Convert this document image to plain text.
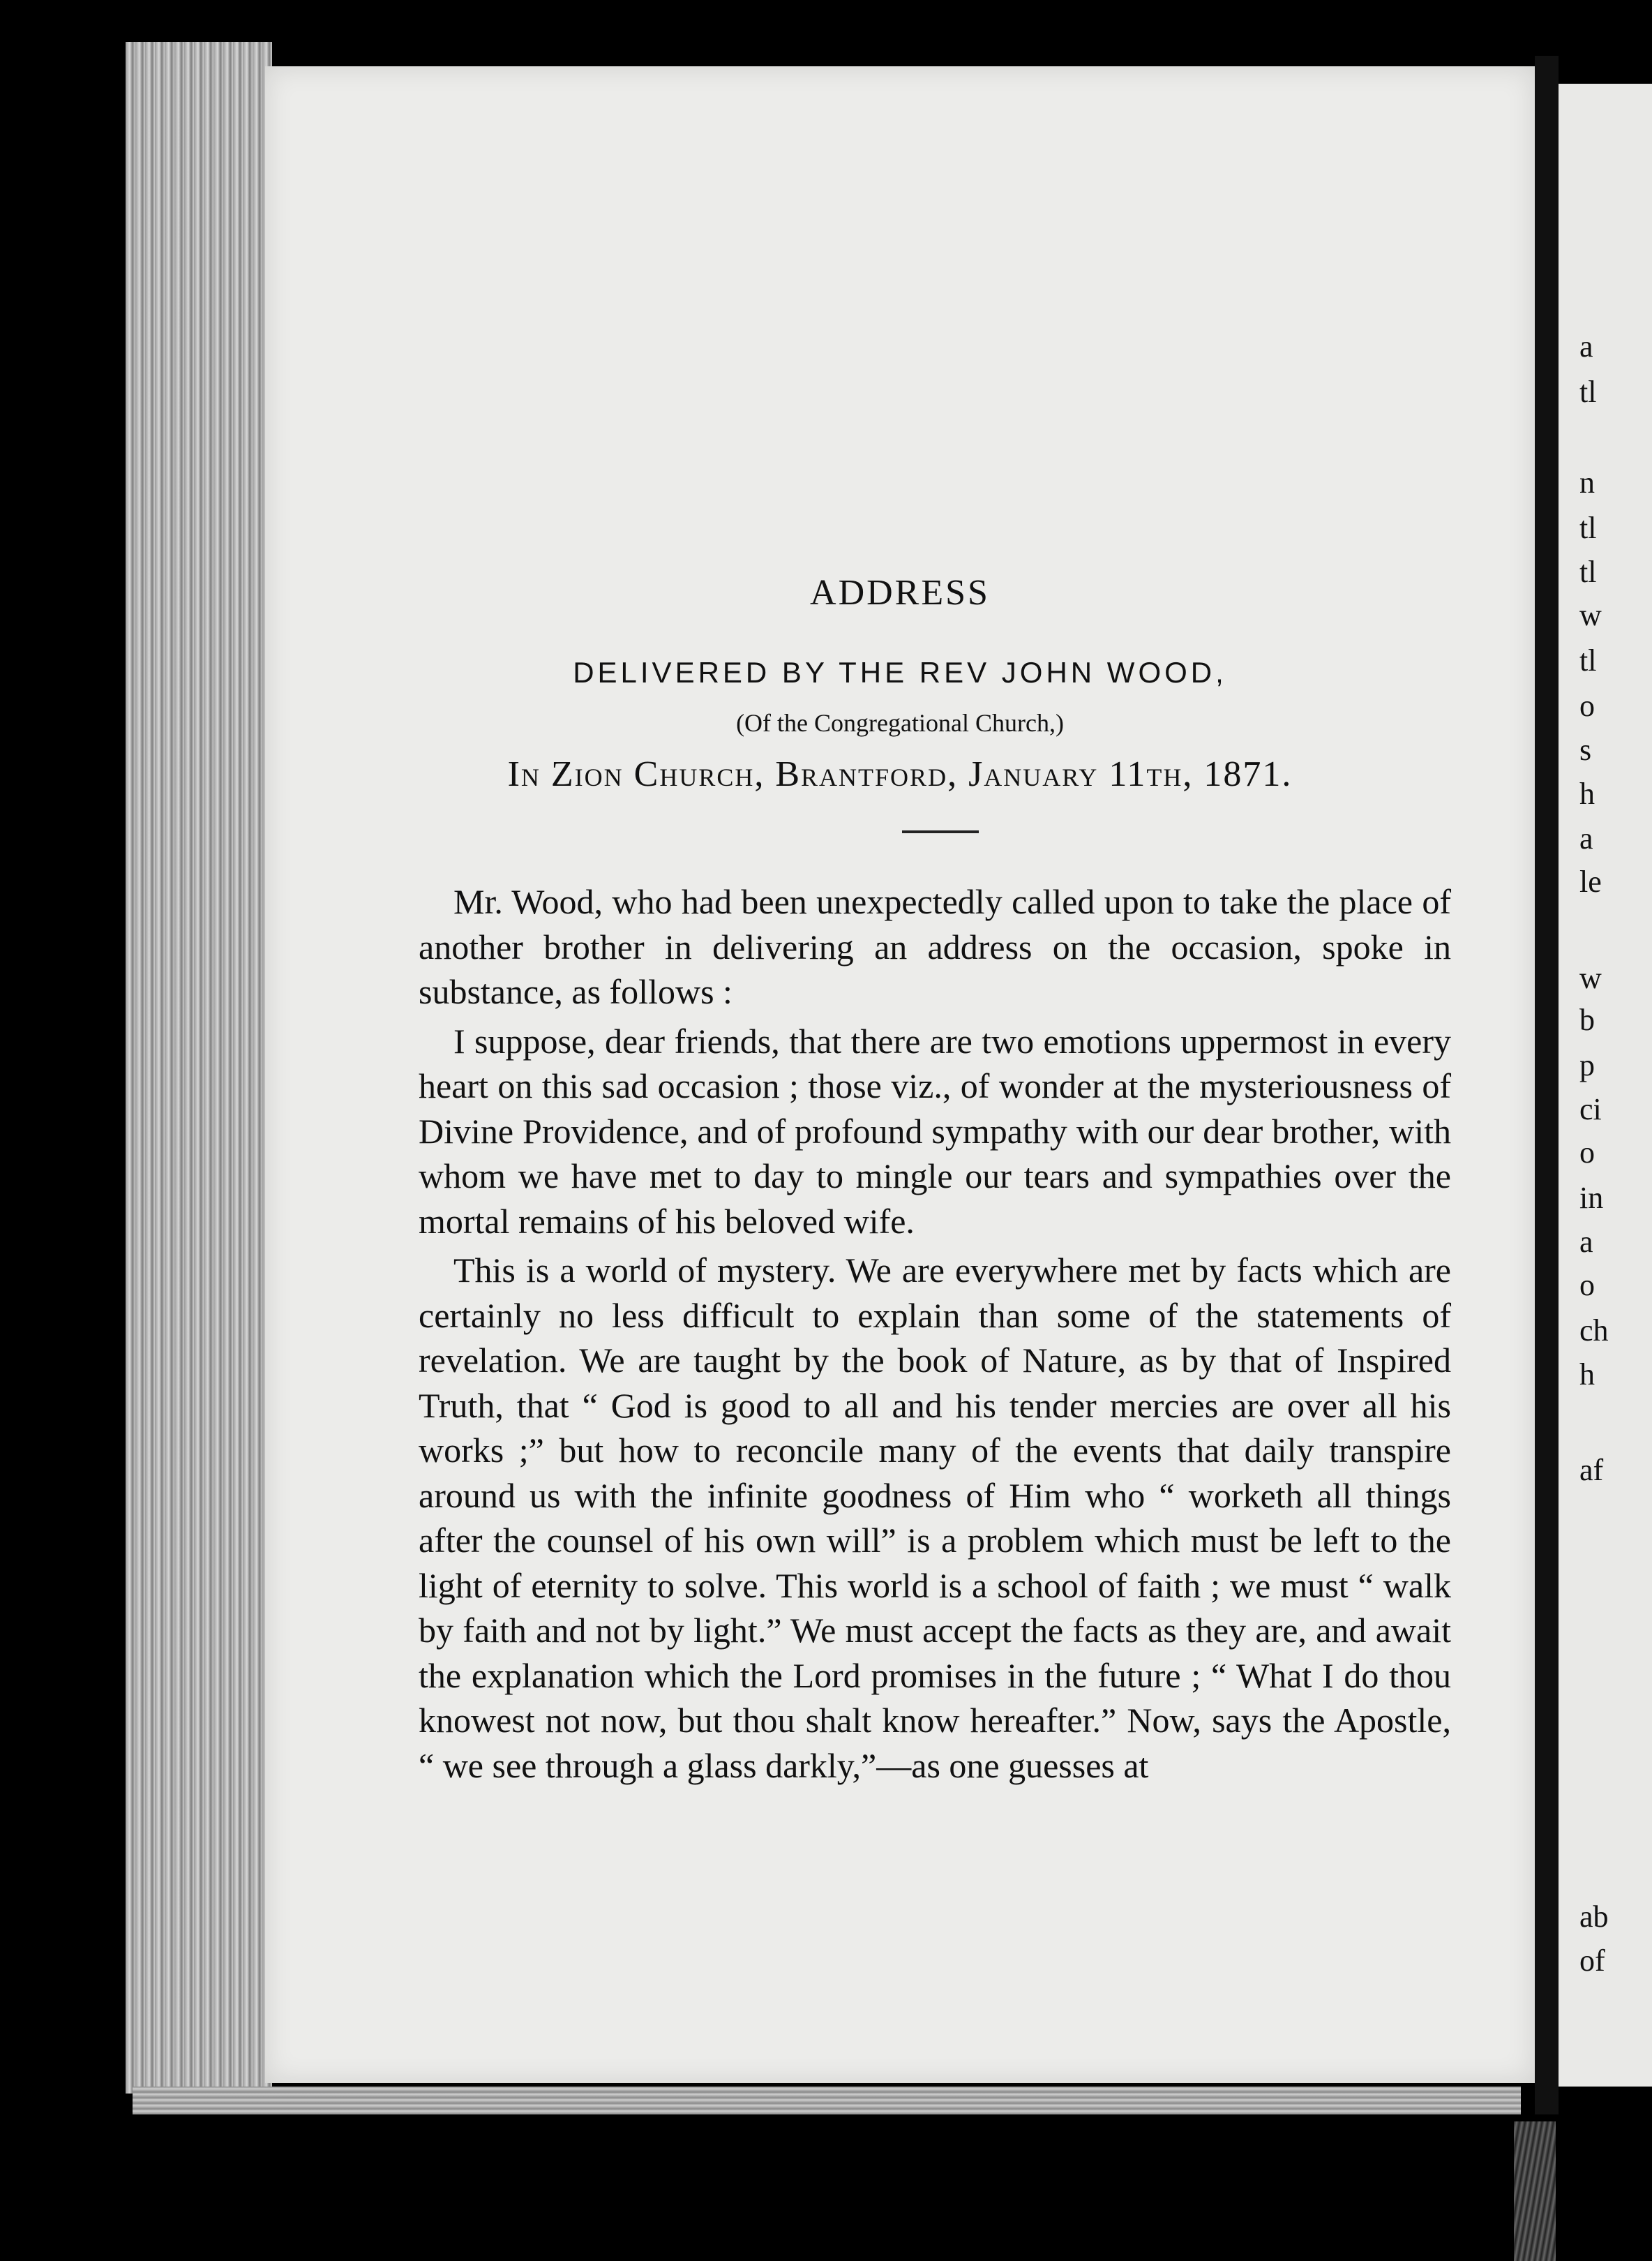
ADDRESS
DELIVERED BY THE REV JOHN WOOD,
(Of the Congregational Church,)
In Zion Church, Brantford, January 11th, 1871.

Mr. Wood, who had been unexpectedly called upon to take the place of another brother in delivering an address on the occasion, spoke in substance, as follows :

I suppose, dear friends, that there are two emotions uppermost in every heart on this sad occasion ; those viz., of wonder at the mysteriousness of Divine Providence, and of profound sympathy with our dear brother, with whom we have met to day to mingle our tears and sympathies over the mortal remains of his beloved wife.

This is a world of mystery. We are everywhere met by facts which are certainly no less difficult to explain than some of the statements of revelation. We are taught by the book of Nature, as by that of Inspired Truth, that “ God is good to all and his tender mercies are over all his works ;” but how to reconcile many of the events that daily transpire around us with the infinite goodness of Him who “ worketh all things after the counsel of his own will” is a problem which must be left to the light of eternity to solve. This world is a school of faith ; we must “ walk by faith and not by light.” We must accept the facts as they are, and await the explanation which the Lord promises in the future ; “ What I do thou knowest not now, but thou shalt know hereafter.” Now, says the Apostle, “ we see through a glass darkly,”—as one guesses at

a
tl
n
tl
tl
w
tl
o
s
h
a
le
w
b
p
ci
o
in
a
o
ch
h
af
ab
of
